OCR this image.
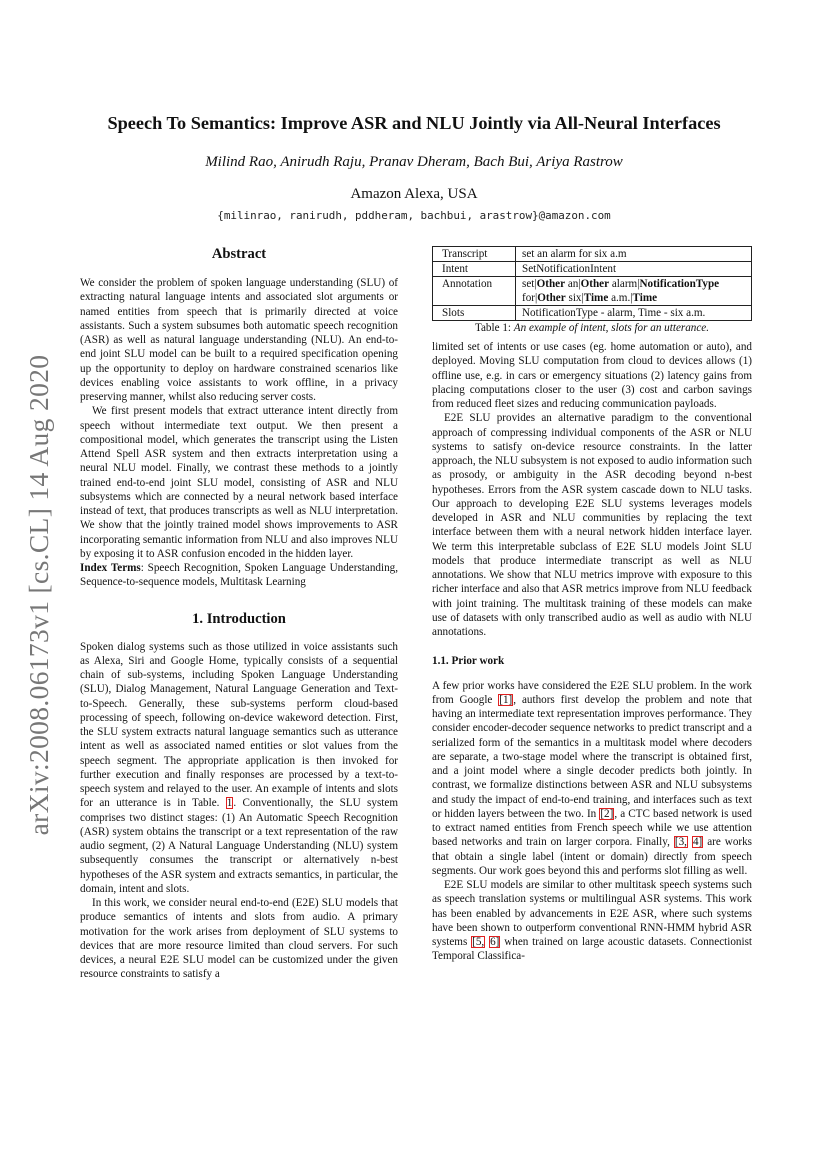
arXiv:2008.06173v1 [cs.CL] 14 Aug 2020
Speech To Semantics: Improve ASR and NLU Jointly via All-Neural Interfaces

Milind Rao, Anirudh Raju, Pranav Dheram, Bach Bui, Ariya Rastrow

Amazon Alexa, USA

{milinrao, ranirudh, pddheram, bachbui, arastrow}@amazon.com

Abstract

We consider the problem of spoken language understanding (SLU) of extracting natural language intents and associated slot arguments or named entities from speech that is primarily directed at voice assistants. Such a system subsumes both automatic speech recognition (ASR) as well as natural language understanding (NLU). An end-to-end joint SLU model can be built to a required specification opening up the opportunity to deploy on hardware constrained scenarios like devices enabling voice assistants to work offline, in a privacy preserving manner, whilst also reducing server costs.

We first present models that extract utterance intent directly from speech without intermediate text output. We then present a compositional model, which generates the transcript using the Listen Attend Spell ASR system and then extracts interpretation using a neural NLU model. Finally, we contrast these methods to a jointly trained end-to-end joint SLU model, consisting of ASR and NLU subsystems which are connected by a neural network based interface instead of text, that produces transcripts as well as NLU interpretation. We show that the jointly trained model shows improvements to ASR incorporating semantic information from NLU and also improves NLU by exposing it to ASR confusion encoded in the hidden layer.

Index Terms: Speech Recognition, Spoken Language Understanding, Sequence-to-sequence models, Multitask Learning

1. Introduction

Spoken dialog systems such as those utilized in voice assistants such as Alexa, Siri and Google Home, typically consists of a sequential chain of sub-systems, including Spoken Language Understanding (SLU), Dialog Management, Natural Language Generation and Text-to-Speech. Generally, these sub-systems perform cloud-based processing of speech, following on-device wakeword detection. First, the SLU system extracts natural language semantics such as utterance intent as well as associated named entities or slot values from the speech segment. The appropriate application is then invoked for further execution and finally responses are processed by a text-to-speech system and relayed to the user. An example of intents and slots for an utterance is in Table. 1. Conventionally, the SLU system comprises two distinct stages: (1) An Automatic Speech Recognition (ASR) system obtains the transcript or a text representation of the raw audio segment, (2) A Natural Language Understanding (NLU) system subsequently consumes the transcript or alternatively n-best hypotheses of the ASR system and extracts semantics, in particular, the domain, intent and slots.

In this work, we consider neural end-to-end (E2E) SLU models that produce semantics of intents and slots from audio. A primary motivation for the work arises from deployment of SLU systems to devices that are more resource limited than cloud servers. For such devices, a neural E2E SLU model can be customized under the given resource constraints to satisfy a

Transcript	set an alarm for six a.m
Intent	SetNotificationIntent
Annotation	set|Other an|Other alarm|NotificationType for|Other six|Time a.m.|Time
Slots	NotificationType - alarm, Time - six a.m.

Table 1: An example of intent, slots for an utterance.

limited set of intents or use cases (eg. home automation or auto), and deployed. Moving SLU computation from cloud to devices allows (1) offline use, e.g. in cars or emergency situations (2) latency gains from placing computations closer to the user (3) cost and carbon savings from reduced fleet sizes and reducing communication payloads.

E2E SLU provides an alternative paradigm to the conventional approach of compressing individual components of the ASR or NLU systems to satisfy on-device resource constraints. In the latter approach, the NLU subsystem is not exposed to audio information such as prosody, or ambiguity in the ASR decoding beyond n-best hypotheses. Errors from the ASR system cascade down to NLU tasks. Our approach to developing E2E SLU systems leverages models developed in ASR and NLU communities by replacing the text interface between them with a neural network hidden interface layer. We term this interpretable subclass of E2E SLU models Joint SLU models that produce intermediate transcript as well as NLU annotations. We show that NLU metrics improve with exposure to this richer interface and also that ASR metrics improve from NLU feedback with joint training. The multitask training of these models can make use of datasets with only transcribed audio as well as audio with NLU annotations.

1.1. Prior work

A few prior works have considered the E2E SLU problem. In the work from Google [1], authors first develop the problem and note that having an intermediate text representation improves performance. They consider encoder-decoder sequence networks to predict transcript and a serialized form of the semantics in a multitask model where decoders are separate, a two-stage model where the transcript is obtained first, and a joint model where a single decoder predicts both jointly. In contrast, we formalize distinctions between ASR and NLU subsystems and study the impact of end-to-end training, and interfaces such as text or hidden layers between the two. In [2], a CTC based network is used to extract named entities from French speech while we use attention based networks and train on larger corpora. Finally, [3, 4] are works that obtain a single label (intent or domain) directly from speech segments. Our work goes beyond this and performs slot filling as well.

E2E SLU models are similar to other multitask speech systems such as speech translation systems or multilingual ASR systems. This work has been enabled by advancements in E2E ASR, where such systems have been shown to outperform conventional RNN-HMM hybrid ASR systems [5, 6] when trained on large acoustic datasets. Connectionist Temporal Classifica-
